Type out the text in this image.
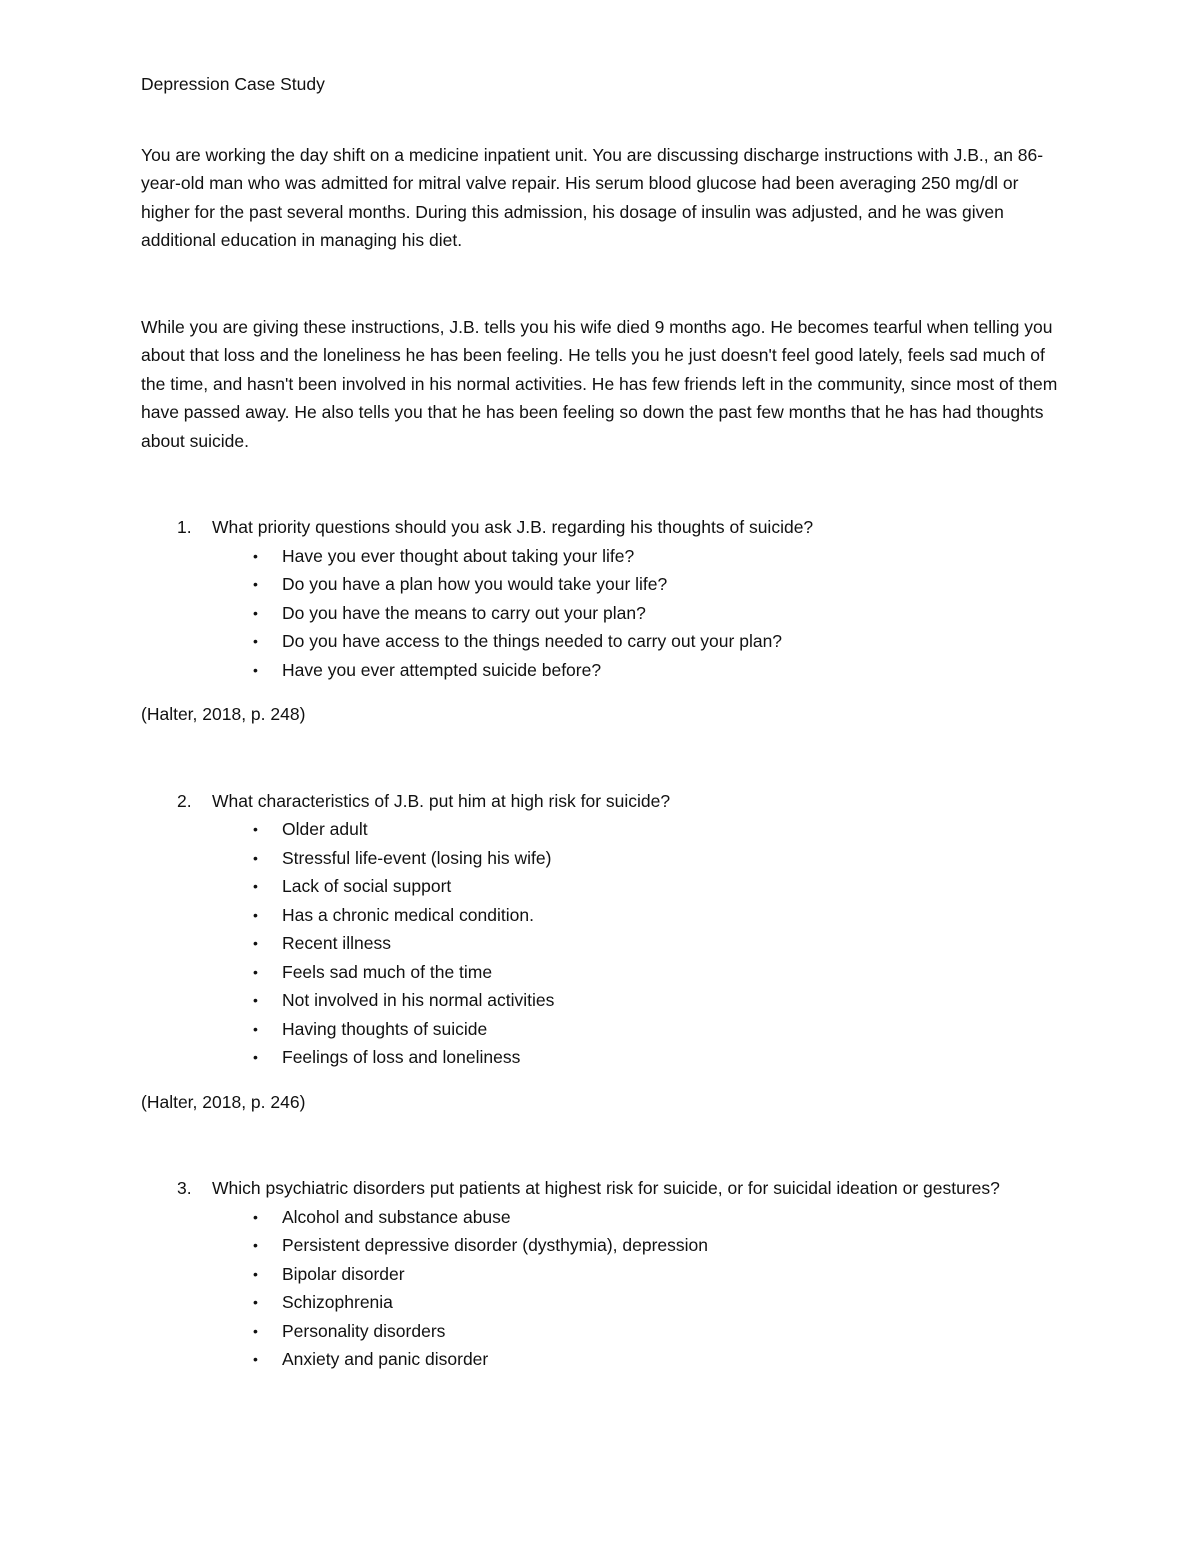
Depression Case Study

You are working the day shift on a medicine inpatient unit. You are discussing discharge instructions with J.B., an 86-year-old man who was admitted for mitral valve repair. His serum blood glucose had been averaging 250 mg/dl or higher for the past several months. During this admission, his dosage of insulin was adjusted, and he was given additional education in managing his diet.

While you are giving these instructions, J.B. tells you his wife died 9 months ago. He becomes tearful when telling you about that loss and the loneliness he has been feeling. He tells you he just doesn't feel good lately, feels sad much of the time, and hasn't been involved in his normal activities. He has few friends left in the community, since most of them have passed away. He also tells you that he has been feeling so down the past few months that he has had thoughts about suicide.

1.	What priority questions should you ask J.B. regarding his thoughts of suicide?
•	Have you ever thought about taking your life?
•	Do you have a plan how you would take your life?
•	Do you have the means to carry out your plan?
•	Do you have access to the things needed to carry out your plan?
•	Have you ever attempted suicide before?

(Halter, 2018, p. 248)

2.	What characteristics of J.B. put him at high risk for suicide?
•	Older adult
•	Stressful life-event (losing his wife)
•	Lack of social support
•	Has a chronic medical condition.
•	Recent illness
•	Feels sad much of the time
•	Not involved in his normal activities
•	Having thoughts of suicide
•	Feelings of loss and loneliness

(Halter, 2018, p. 246)

3.	Which psychiatric disorders put patients at highest risk for suicide, or for suicidal ideation or gestures?
•	Alcohol and substance abuse
•	Persistent depressive disorder (dysthymia), depression
•	Bipolar disorder
•	Schizophrenia
•	Personality disorders
•	Anxiety and panic disorder
